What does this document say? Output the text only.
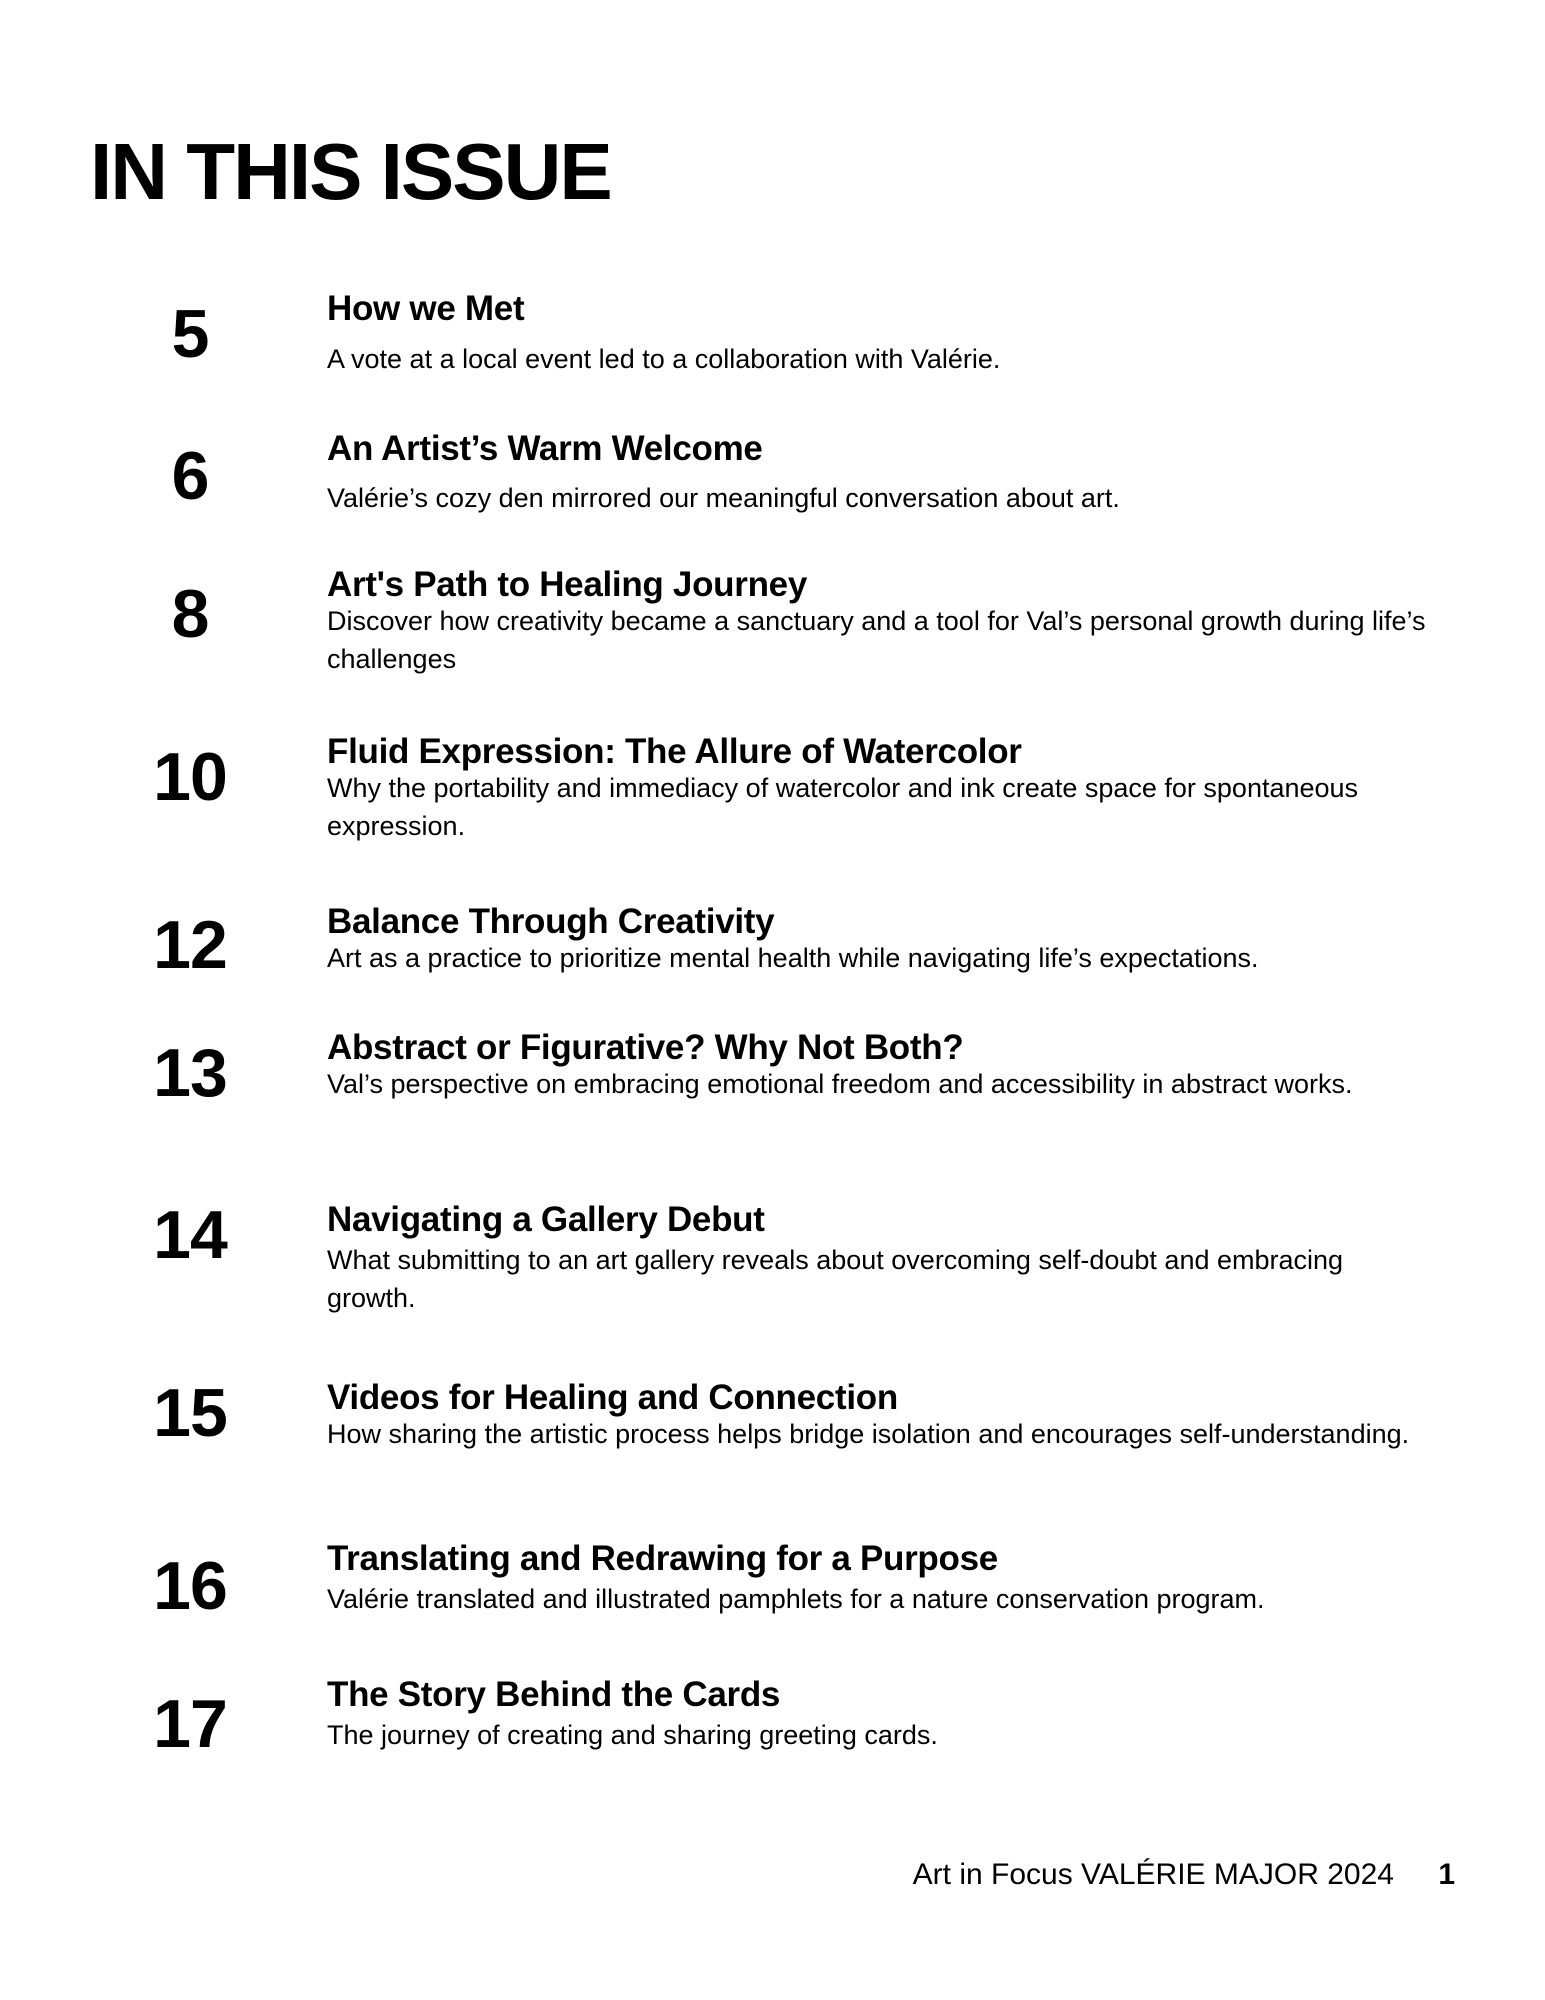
IN THIS ISSUE
5	How we Met

A vote at a local event led to a collaboration with Valérie.

6	An Artist’s Warm Welcome

Valérie’s cozy den mirrored our meaningful conversation about art.

8	Art's Path to Healing Journey

Discover how creativity became a sanctuary and a tool for Val’s personal growth during life’s challenges

10	Fluid Expression: The Allure of Watercolor

Why the portability and immediacy of watercolor and ink create space for spontaneous expression.

12	Balance Through Creativity

Art as a practice to prioritize mental health while navigating life’s expectations.

13	Abstract or Figurative? Why Not Both?

Val’s perspective on embracing emotional freedom and accessibility in abstract works.

14	Navigating a Gallery Debut

What submitting to an art gallery reveals about overcoming self-doubt and embracing growth.

15	Videos for Healing and Connection

How sharing the artistic process helps bridge isolation and encourages self-understanding.

16	Translating and Redrawing for a Purpose

Valérie translated and illustrated pamphlets for a nature conservation program.

17	The Story Behind the Cards

The journey of creating and sharing greeting cards.

Art in Focus VALÉRIE MAJOR 2024 1
